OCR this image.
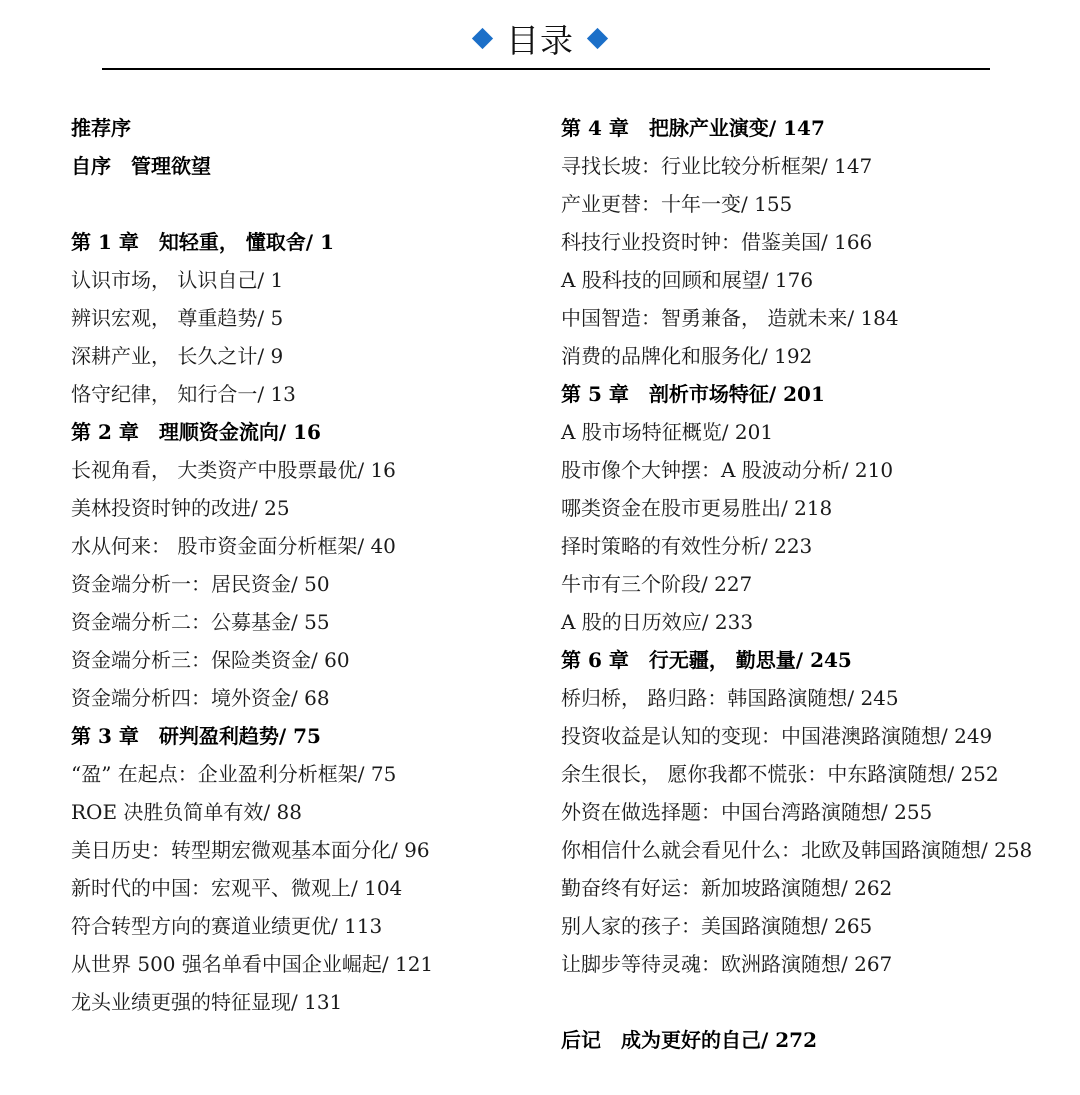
目录
推荐序
自序　管理欲望
第 1 章　知轻重， 懂取舍/ 1
认识市场， 认识自己/ 1
辨识宏观， 尊重趋势/ 5
深耕产业， 长久之计/ 9
恪守纪律， 知行合一/ 13
第 2 章　理顺资金流向/ 16
长视角看， 大类资产中股票最优/ 16
美林投资时钟的改进/ 25
水从何来： 股市资金面分析框架/ 40
资金端分析一：居民资金/ 50
资金端分析二：公募基金/ 55
资金端分析三：保险类资金/ 60
资金端分析四：境外资金/ 68
第 3 章　研判盈利趋势/ 75
“盈” 在起点：企业盈利分析框架/ 75
ROE 决胜负简单有效/ 88
美日历史：转型期宏微观基本面分化/ 96
新时代的中国：宏观平、微观上/ 104
符合转型方向的赛道业绩更优/ 113
从世界 500 强名单看中国企业崛起/ 121
龙头业绩更强的特征显现/ 131
第 4 章　把脉产业演变/ 147
寻找长坡：行业比较分析框架/ 147
产业更替：十年一变/ 155
科技行业投资时钟：借鉴美国/ 166
A 股科技的回顾和展望/ 176
中国智造：智勇兼备， 造就未来/ 184
消费的品牌化和服务化/ 192
第 5 章　剖析市场特征/ 201
A 股市场特征概览/ 201
股市像个大钟摆：A 股波动分析/ 210
哪类资金在股市更易胜出/ 218
择时策略的有效性分析/ 223
牛市有三个阶段/ 227
A 股的日历效应/ 233
第 6 章　行无疆， 勤思量/ 245
桥归桥， 路归路：韩国路演随想/ 245
投资收益是认知的变现：中国港澳路演随想/ 249
余生很长， 愿你我都不慌张：中东路演随想/ 252
外资在做选择题：中国台湾路演随想/ 255
你相信什么就会看见什么：北欧及韩国路演随想/ 258
勤奋终有好运：新加坡路演随想/ 262
别人家的孩子：美国路演随想/ 265
让脚步等待灵魂：欧洲路演随想/ 267
后记　成为更好的自己/ 272
